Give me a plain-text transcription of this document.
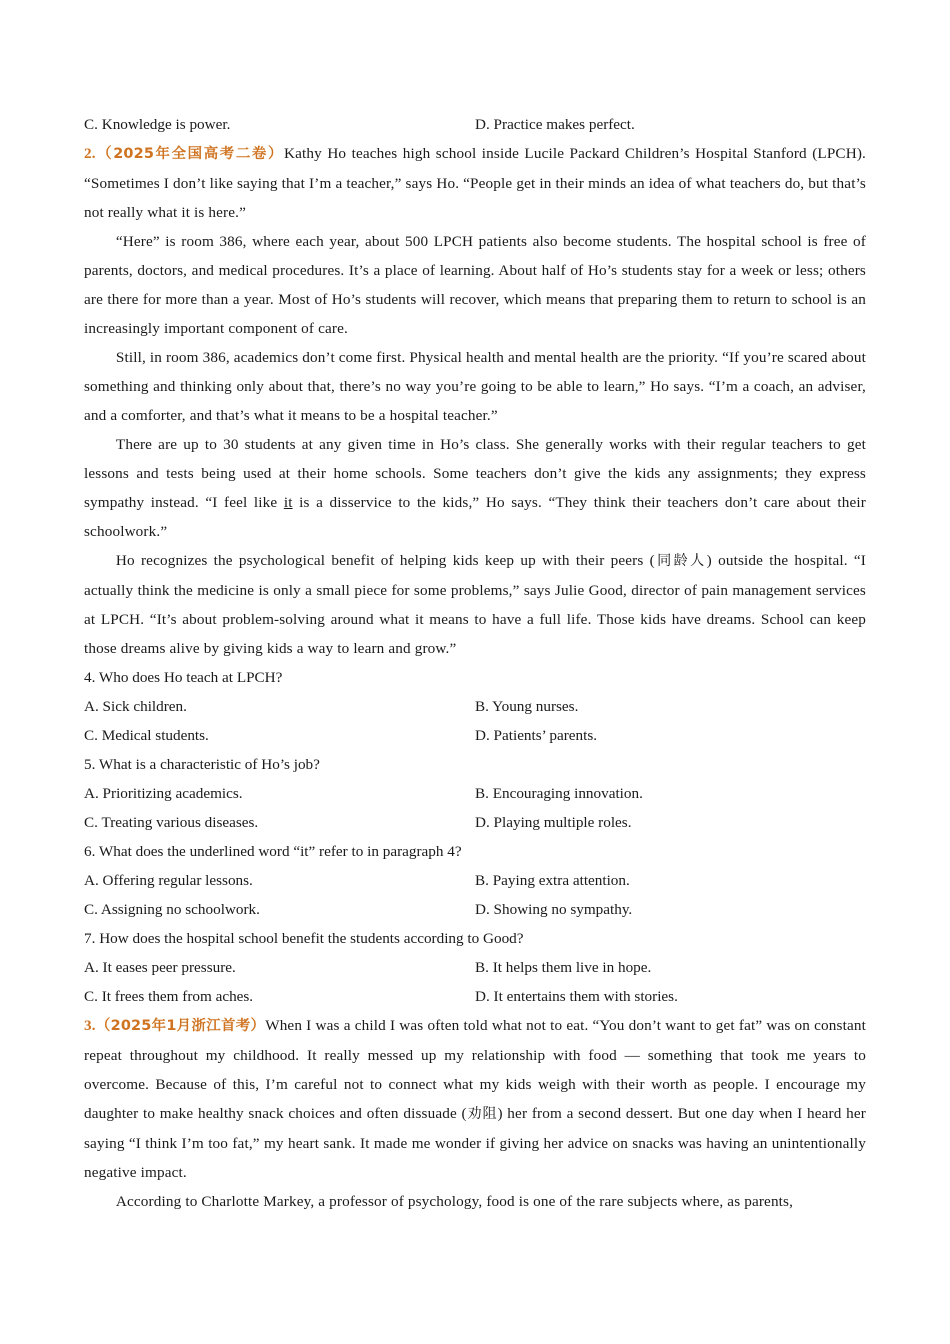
C. Knowledge is power.	D. Practice makes perfect.

2.（2025年全国高考二卷）Kathy Ho teaches high school inside Lucile Packard Children’s Hospital Stanford (LPCH). “Sometimes I don’t like saying that I’m a teacher,” says Ho. “People get in their minds an idea of what teachers do, but that’s not really what it is here.”

“Here” is room 386, where each year, about 500 LPCH patients also become students. The hospital school is free of parents, doctors, and medical procedures. It’s a place of learning. About half of Ho’s students stay for a week or less; others are there for more than a year. Most of Ho’s students will recover, which means that preparing them to return to school is an increasingly important component of care.

Still, in room 386, academics don’t come first. Physical health and mental health are the priority. “If you’re scared about something and thinking only about that, there’s no way you’re going to be able to learn,” Ho says. “I’m a coach, an adviser, and a comforter, and that’s what it means to be a hospital teacher.”

There are up to 30 students at any given time in Ho’s class. She generally works with their regular teachers to get lessons and tests being used at their home schools. Some teachers don’t give the kids any assignments; they express sympathy instead. “I feel like it is a disservice to the kids,” Ho says. “They think their teachers don’t care about their schoolwork.”

Ho recognizes the psychological benefit of helping kids keep up with their peers (同龄人) outside the hospital. “I actually think the medicine is only a small piece for some problems,” says Julie Good, director of pain management services at LPCH. “It’s about problem-solving around what it means to have a full life. Those kids have dreams. School can keep those dreams alive by giving kids a way to learn and grow.”

4. Who does Ho teach at LPCH?
A. Sick children.	B. Young nurses.
C. Medical students.	D. Patients’ parents.
5. What is a characteristic of Ho’s job?
A. Prioritizing academics.	B. Encouraging innovation.
C. Treating various diseases.	D. Playing multiple roles.
6. What does the underlined word “it” refer to in paragraph 4?
A. Offering regular lessons.	B. Paying extra attention.
C. Assigning no schoolwork.	D. Showing no sympathy.
7. How does the hospital school benefit the students according to Good?
A. It eases peer pressure.	B. It helps them live in hope.
C. It frees them from aches.	D. It entertains them with stories.

3.（2025年1月浙江首考）When I was a child I was often told what not to eat. “You don’t want to get fat” was on constant repeat throughout my childhood. It really messed up my relationship with food — something that took me years to overcome. Because of this, I’m careful not to connect what my kids weigh with their worth as people. I encourage my daughter to make healthy snack choices and often dissuade (劝阻) her from a second dessert. But one day when I heard her saying “I think I’m too fat,” my heart sank. It made me wonder if giving her advice on snacks was having an unintentionally negative impact.

According to Charlotte Markey, a professor of psychology, food is one of the rare subjects where, as parents,
